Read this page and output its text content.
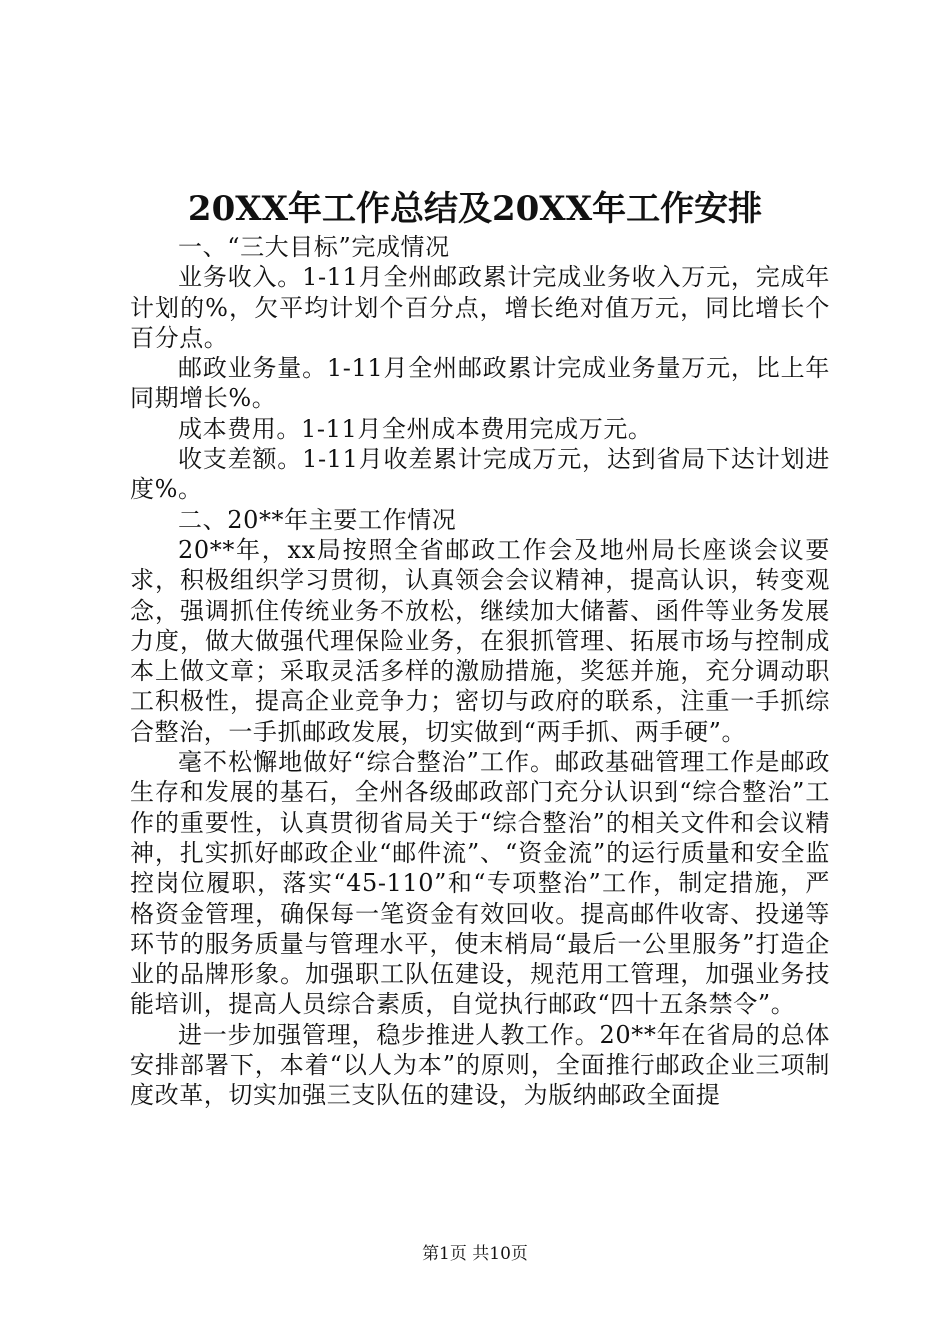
20XX年工作总结及20XX年工作安排

一、“三大目标”完成情况

业务收入。1-11月全州邮政累计完成业务收入万元，完成年计划的%，欠平均计划个百分点，增长绝对值万元，同比增长个百分点。

邮政业务量。1-11月全州邮政累计完成业务量万元，比上年同期增长%。

成本费用。1-11月全州成本费用完成万元。

收支差额。1-11月收差累计完成万元，达到省局下达计划进度%。

二、20**年主要工作情况

20**年，xx局按照全省邮政工作会及地州局长座谈会议要求，积极组织学习贯彻，认真领会会议精神，提高认识，转变观念，强调抓住传统业务不放松，继续加大储蓄、函件等业务发展力度，做大做强代理保险业务，在狠抓管理、拓展市场与控制成本上做文章；采取灵活多样的激励措施，奖惩并施，充分调动职工积极性，提高企业竞争力；密切与政府的联系，注重一手抓综合整治，一手抓邮政发展，切实做到“两手抓、两手硬”。

毫不松懈地做好“综合整治”工作。邮政基础管理工作是邮政生存和发展的基石，全州各级邮政部门充分认识到“综合整治”工作的重要性，认真贯彻省局关于“综合整治”的相关文件和会议精神，扎实抓好邮政企业“邮件流”、“资金流”的运行质量和安全监控岗位履职，落实“45-110”和“专项整治”工作，制定措施，严格资金管理，确保每一笔资金有效回收。提高邮件收寄、投递等环节的服务质量与管理水平，使末梢局“最后一公里服务”打造企业的品牌形象。加强职工队伍建设，规范用工管理，加强业务技能培训，提高人员综合素质，自觉执行邮政“四十五条禁令”。

进一步加强管理，稳步推进人教工作。20**年在省局的总体安排部署下，本着“以人为本”的原则，全面推行邮政企业三项制度改革，切实加强三支队伍的建设，为版纳邮政全面提

第1页 共10页
